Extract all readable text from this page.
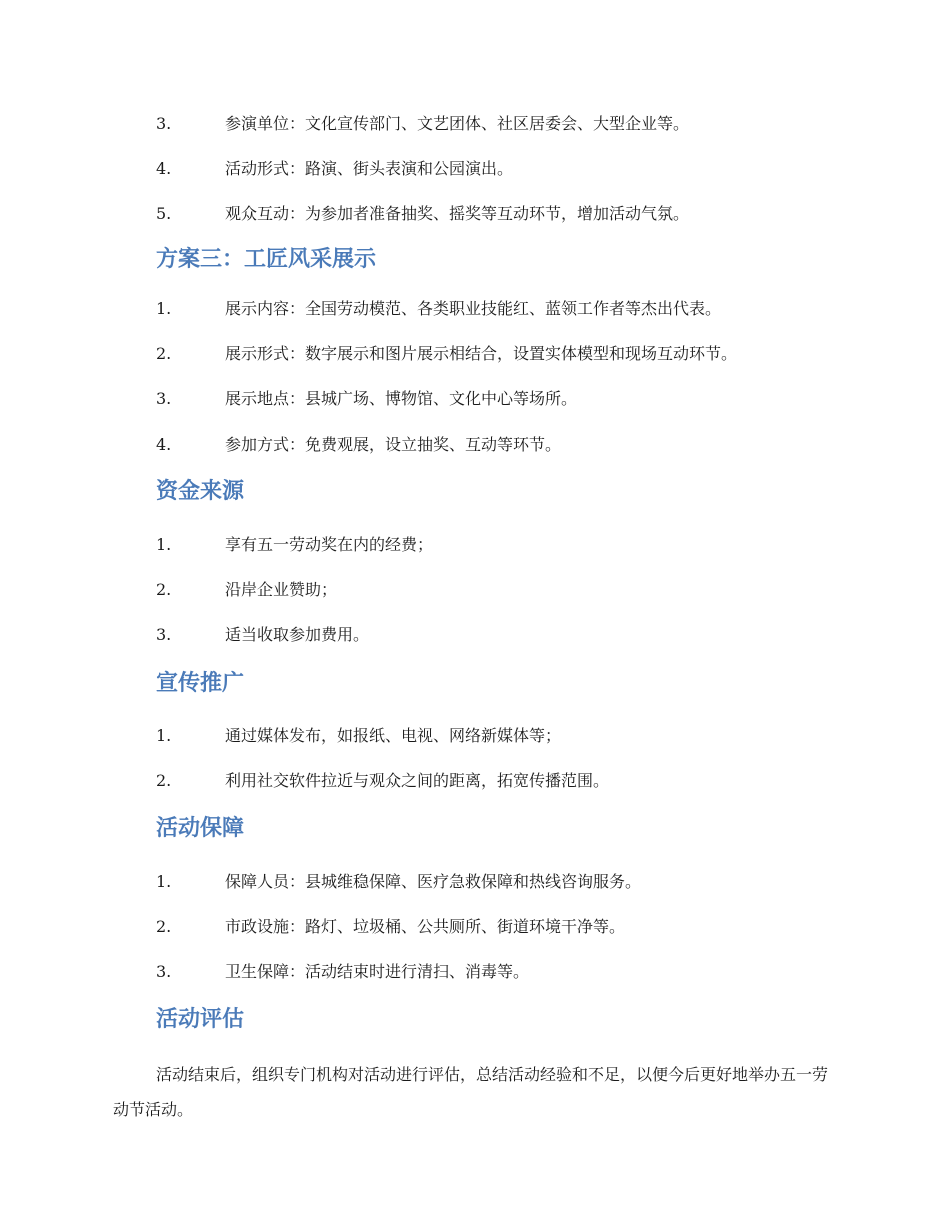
3.	参演单位：文化宣传部门、文艺团体、社区居委会、大型企业等。
4.	活动形式：路演、街头表演和公园演出。
5.	观众互动：为参加者准备抽奖、摇奖等互动环节，增加活动气氛。
方案三：工匠风采展示
1.	展示内容：全国劳动模范、各类职业技能红、蓝领工作者等杰出代表。
2.	展示形式：数字展示和图片展示相结合，设置实体模型和现场互动环节。
3.	展示地点：县城广场、博物馆、文化中心等场所。
4.	参加方式：免费观展，设立抽奖、互动等环节。
资金来源
1.	享有五一劳动奖在内的经费；
2.	沿岸企业赞助；
3.	适当收取参加费用。
宣传推广
1.	通过媒体发布，如报纸、电视、网络新媒体等；
2.	利用社交软件拉近与观众之间的距离，拓宽传播范围。
活动保障
1.	保障人员：县城维稳保障、医疗急救保障和热线咨询服务。
2.	市政设施：路灯、垃圾桶、公共厕所、街道环境干净等。
3.	卫生保障：活动结束时进行清扫、消毒等。
活动评估
活动结束后，组织专门机构对活动进行评估，总结活动经验和不足，以便今后更好地举办五一劳动节活动。
